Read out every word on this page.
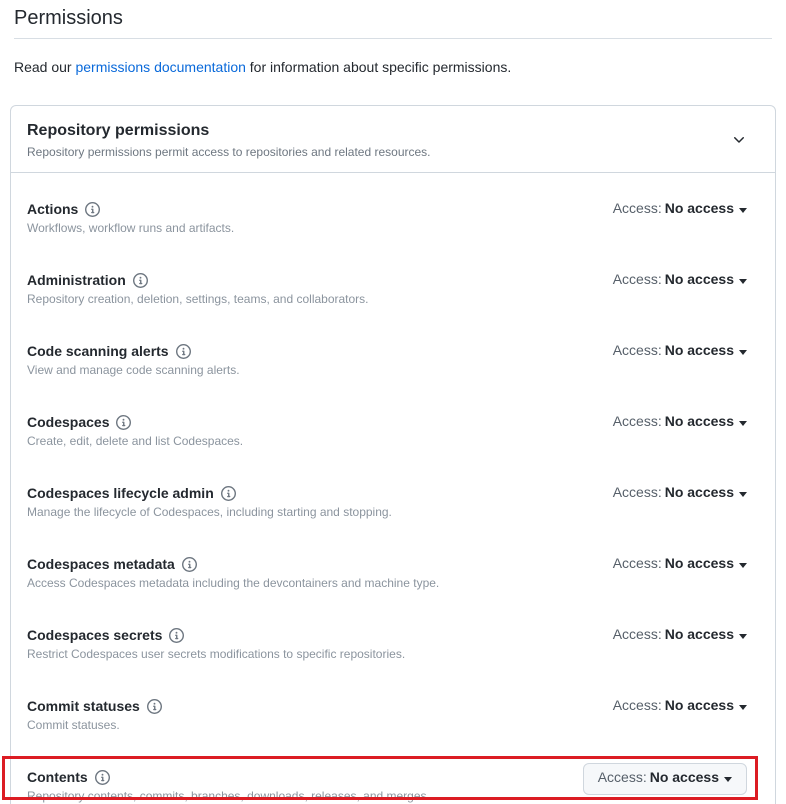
Permissions

Read our permissions documentation for information about specific permissions.

Repository permissions
Repository permissions permit access to repositories and related resources.
Actions
Workflows, workflow runs and artifacts.
Access: No access
Administration
Repository creation, deletion, settings, teams, and collaborators.
Access: No access
Code scanning alerts
View and manage code scanning alerts.
Access: No access
Codespaces
Create, edit, delete and list Codespaces.
Access: No access
Codespaces lifecycle admin
Manage the lifecycle of Codespaces, including starting and stopping.
Access: No access
Codespaces metadata
Access Codespaces metadata including the devcontainers and machine type.
Access: No access
Codespaces secrets
Restrict Codespaces user secrets modifications to specific repositories.
Access: No access
Commit statuses
Commit statuses.
Access: No access
Contents
Repository contents, commits, branches, downloads, releases, and merges.
Access: No access
